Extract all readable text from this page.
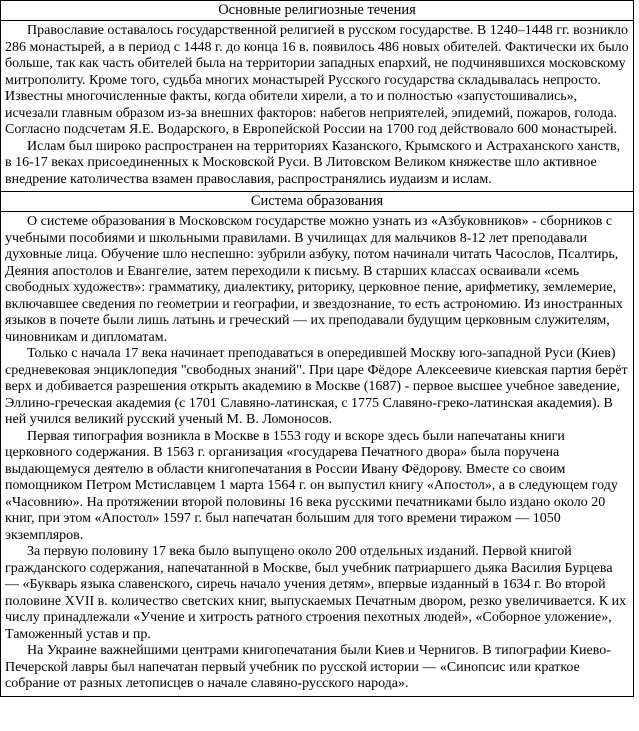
Основные религиозные течения

Православие оставалось государственной религией в русском государстве. В 1240–1448 гг. возникло 286 монастырей, а в период с 1448 г. до конца 16 в. появилось 486 новых обителей. Фактически их было больше, так как часть обителей была на территории западных епархий, не подчинявшихся московскому митрополиту. Кроме того, судьба многих монастырей Русского государства складывалась непросто. Известны многочисленные факты, когда обители хирели, а то и полностью «запустошивались», исчезали главным образом из-за внешних факторов: набегов неприятелей, эпидемий, пожаров, голода. Согласно подсчетам Я.Е. Водарского, в Европейской России на 1700 год действовало 600 монастырей.

Ислам был широко распространен на территориях Казанского, Крымского и Астраханского ханств, в 16-17 веках присоединенных к Московской Руси. В Литовском Великом княжестве шло активное внедрение католичества взамен православия, распространялись иудаизм и ислам.

Система образования

О системе образования в Московском государстве можно узнать из «Азбуковников» - сборников с учебными пособиями и школьными правилами. В училищах для мальчиков 8-12 лет преподавали духовные лица. Обучение шло неспешно: зубрили азбуку, потом начинали читать Часослов, Псалтирь, Деяния апостолов и Евангелие, затем переходили к письму. В старших классах осваивали «семь свободных художеств»: грамматику, диалектику, риторику, церковное пение, арифметику, землемерие, включавшее сведения по геометрии и географии, и звездознание, то есть астрономию. Из иностранных языков в почете были лишь латынь и греческий — их преподавали будущим церковным служителям, чиновникам и дипломатам.

Только с начала 17 века начинает преподаваться в опередившей Москву юго-западной Руси (Киев) средневековая энциклопедия "свободных знаний". При царе Фёдоре Алексеевиче киевская партия берёт верх и добивается разрешения открыть академию в Москве (1687) - первое высшее учебное заведение, Эллино-греческая академия (с 1701 Славяно-латинская, с 1775 Славяно-греко-латинская академия). В ней учился великий русский ученый М. В. Ломоносов.

Первая типография возникла в Москве в 1553 году и вскоре здесь были напечатаны книги церковного содержания. В 1563 г. организация «государева Печатного двора» была поручена выдающемуся деятелю в области книгопечатания в России Ивану Фёдорову. Вместе со своим помощником Петром Мстиславцем 1 марта 1564 г. он выпустил книгу «Апостол», а в следующем году «Часовнию». На протяжении второй половины 16 века русскими печатниками было издано около 20 книг, при этом «Апостол» 1597 г. был напечатан большим для того времени тиражом — 1050 экземпляров.

За первую половину 17 века было выпущено около 200 отдельных изданий. Первой книгой гражданского содержания, напечатанной в Москве, был учебник патриаршего дьяка Василия Бурцева — «Букварь языка славенского, сиречь начало учения детям», впервые изданный в 1634 г. Во второй половине XVII в. количество светских книг, выпускаемых Печатным двором, резко увеличивается. К их числу принадлежали «Учение и хитрость ратного строения пехотных людей», «Соборное уложение», Таможенный устав и пр.

На Украине важнейшими центрами книгопечатания были Киев и Чернигов. В типографии Киево-Печерской лавры был напечатан первый учебник по русской истории — «Синопсис или краткое собрание от разных летописцев о начале славяно-русского народа».
